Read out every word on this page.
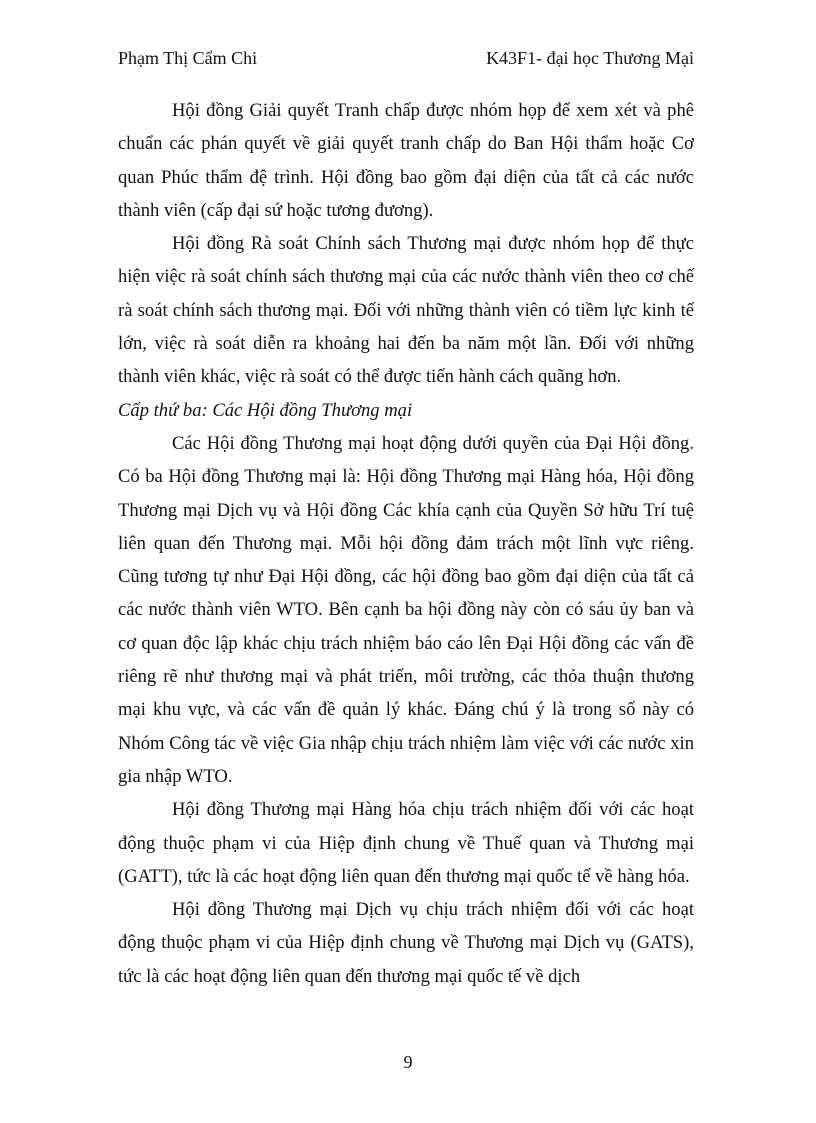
Phạm Thị Cẩm Chi	K43F1- đại học Thương Mại

Hội đồng Giải quyết Tranh chấp được nhóm họp để xem xét và phê chuẩn các phán quyết về giải quyết tranh chấp do Ban Hội thẩm hoặc Cơ quan Phúc thẩm đệ trình. Hội đồng bao gồm đại diện của tất cả các nước thành viên (cấp đại sứ hoặc tương đương).

Hội đồng Rà soát Chính sách Thương mại được nhóm họp để thực hiện việc rà soát chính sách thương mại của các nước thành viên theo cơ chế rà soát chính sách thương mại. Đối với những thành viên có tiềm lực kinh tế lớn, việc rà soát diễn ra khoảng hai đến ba năm một lần. Đối với những thành viên khác, việc rà soát có thể được tiến hành cách quãng hơn.

Cấp thứ ba: Các Hội đồng Thương mại

Các Hội đồng Thương mại hoạt động dưới quyền của Đại Hội đồng. Có ba Hội đồng Thương mại là: Hội đồng Thương mại Hàng hóa, Hội đồng Thương mại Dịch vụ và Hội đồng Các khía cạnh của Quyền Sở hữu Trí tuệ liên quan đến Thương mại. Mỗi hội đồng đảm trách một lĩnh vực riêng. Cũng tương tự như Đại Hội đồng, các hội đồng bao gồm đại diện của tất cả các nước thành viên WTO. Bên cạnh ba hội đồng này còn có sáu ủy ban và cơ quan độc lập khác chịu trách nhiệm báo cáo lên Đại Hội đồng các vấn đề riêng rẽ như thương mại và phát triển, môi trường, các thỏa thuận thương mại khu vực, và các vấn đề quản lý khác. Đáng chú ý là trong số này có Nhóm Công tác về việc Gia nhập chịu trách nhiệm làm việc với các nước xin gia nhập WTO.

Hội đồng Thương mại Hàng hóa chịu trách nhiệm đối với các hoạt động thuộc phạm vi của Hiệp định chung về Thuế quan và Thương mại (GATT), tức là các hoạt động liên quan đến thương mại quốc tế về hàng hóa.

Hội đồng Thương mại Dịch vụ chịu trách nhiệm đối với các hoạt động thuộc phạm vi của Hiệp định chung về Thương mại Dịch vụ (GATS), tức là các hoạt động liên quan đến thương mại quốc tế về dịch

9
